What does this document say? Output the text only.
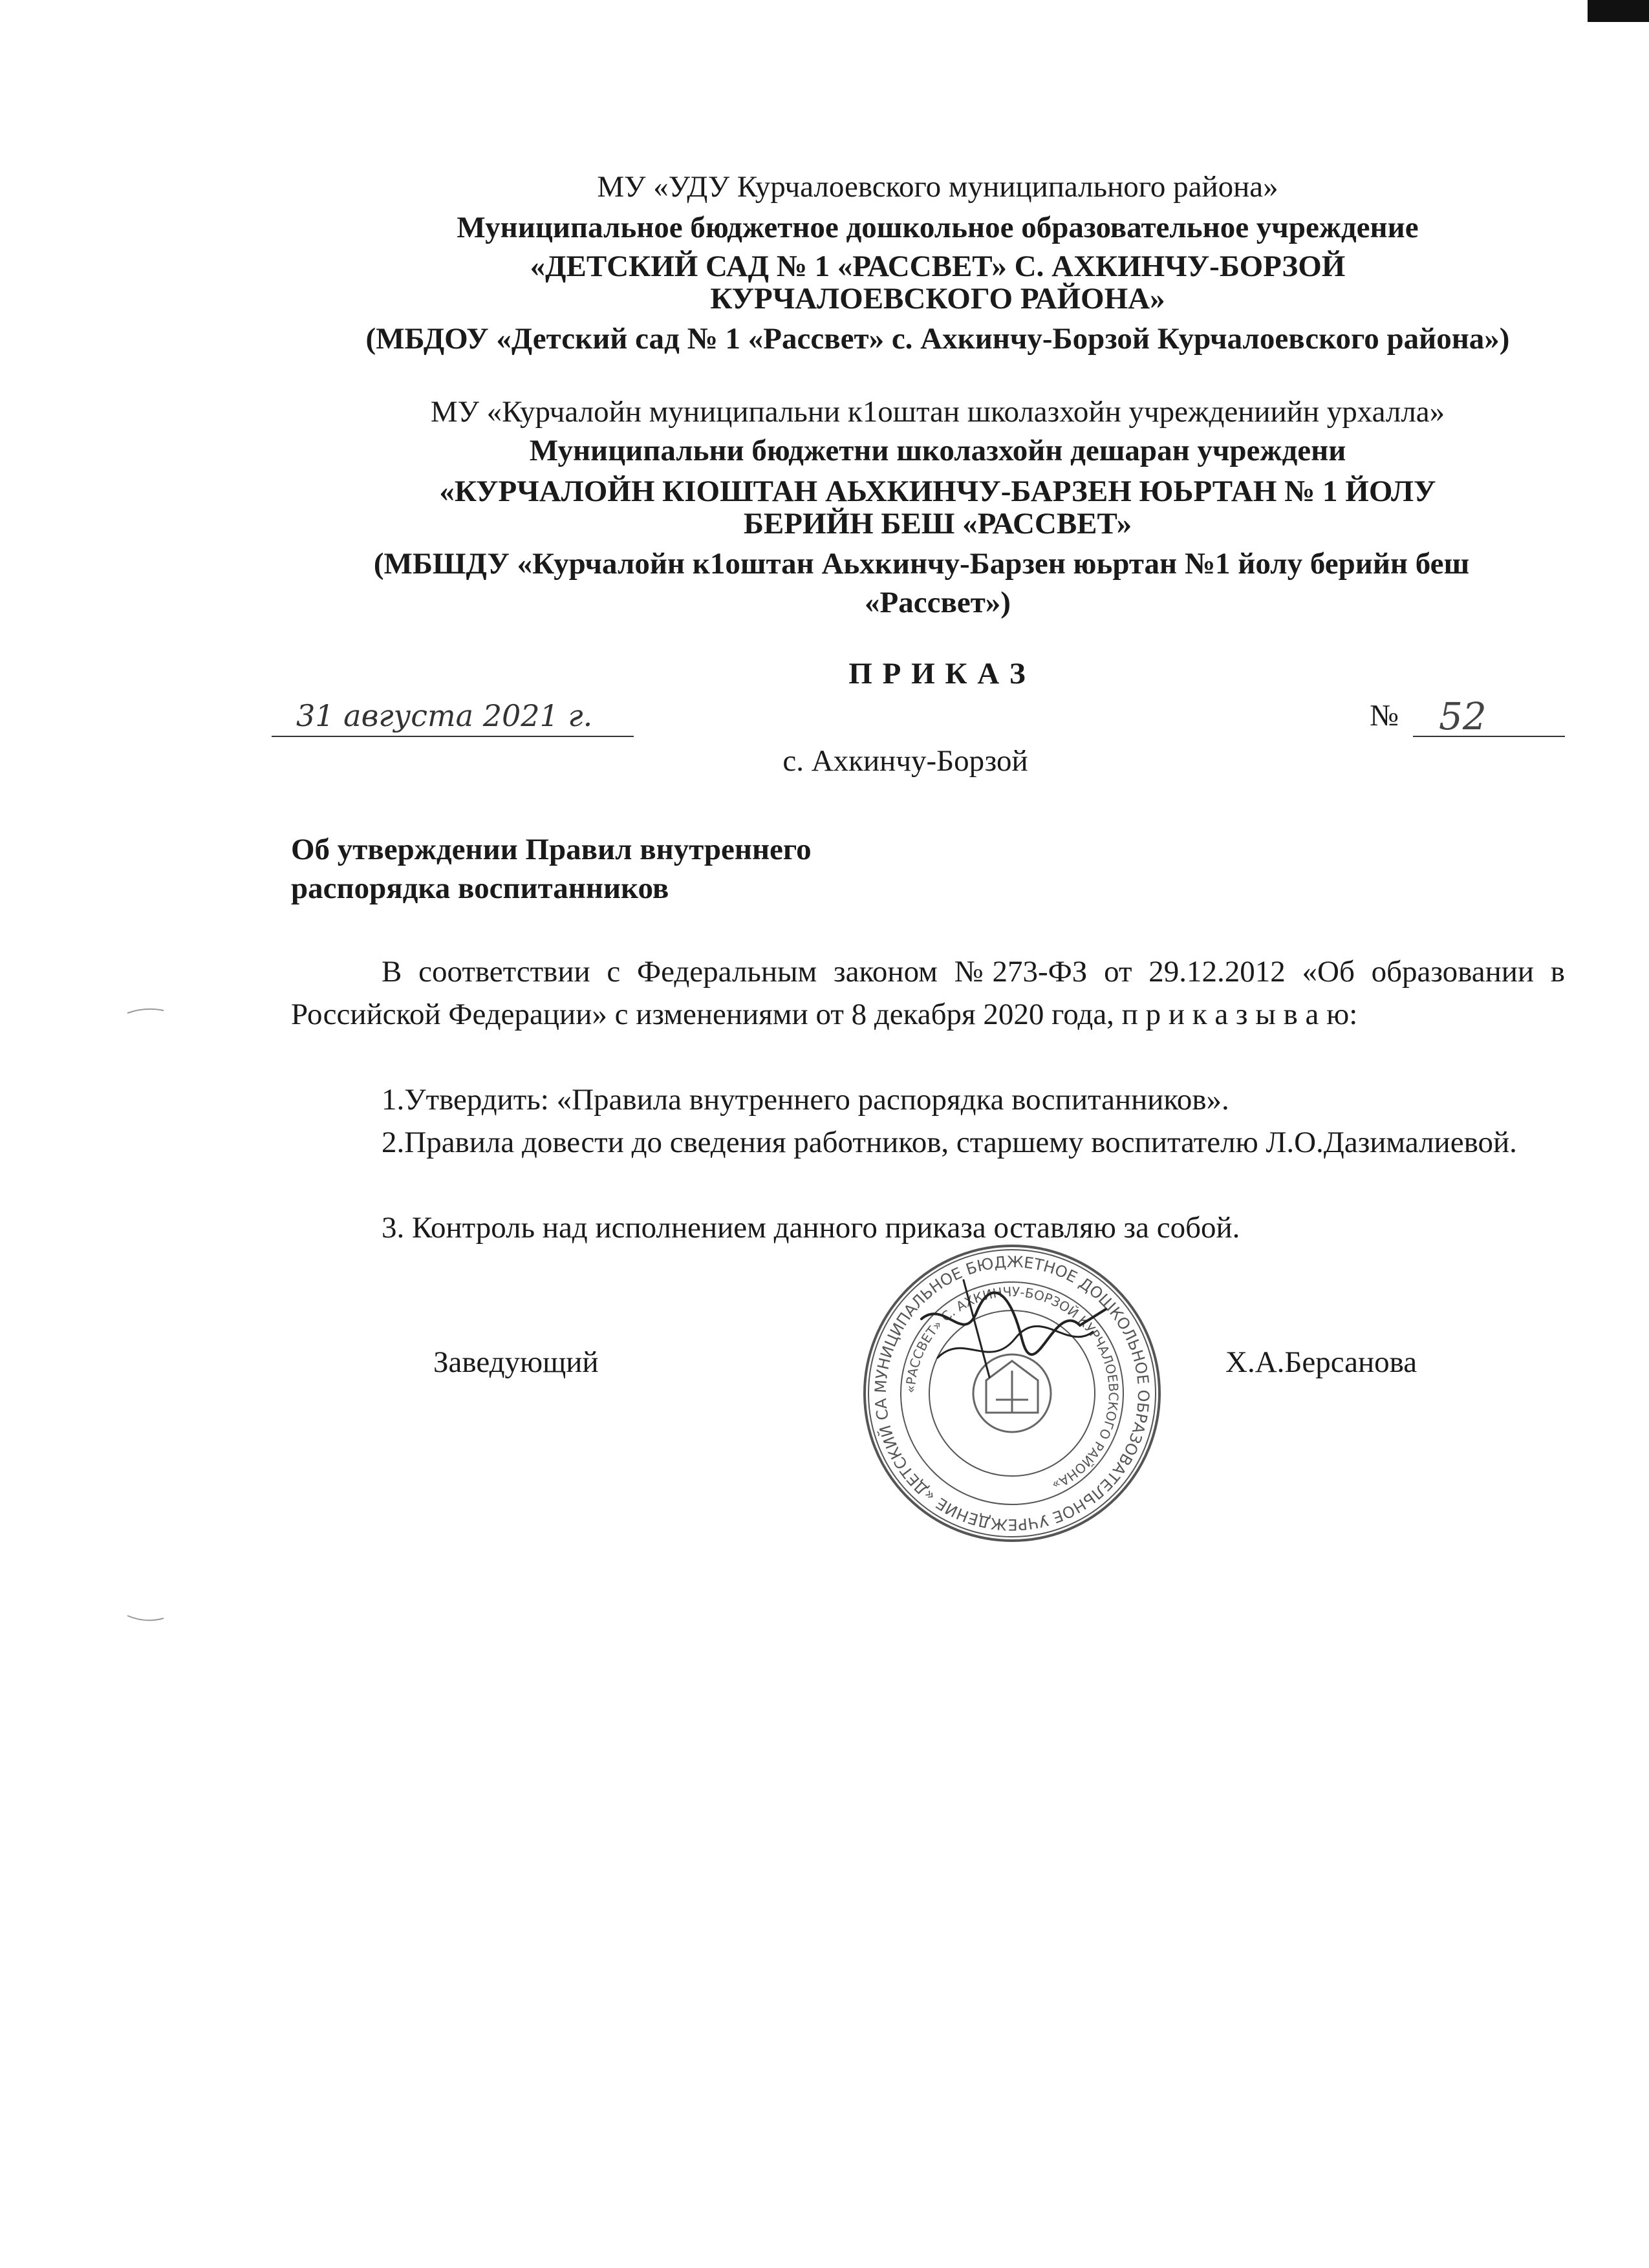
МУ «УДУ Курчалоевского муниципального района»
Муниципальное бюджетное дошкольное образовательное учреждение
«ДЕТСКИЙ САД № 1 «РАССВЕТ» С. АХКИНЧУ-БОРЗОЙ
КУРЧАЛОЕВСКОГО РАЙОНА»
(МБДОУ «Детский сад № 1 «Рассвет» с. Ахкинчу-Борзой Курчалоевского района»)
МУ «Курчалойн муниципальни к1оштан школазхойн учреждениийн урхалла»
Муниципальни бюджетни школазхойн дешаран учреждени
«КУРЧАЛОЙН КIОШТАН АЬХКИНЧУ-БАРЗЕН ЮЬРТАН № 1 ЙОЛУ
БЕРИЙН БЕШ «РАССВЕТ»
(МБШДУ «Курчалойн к1оштан Аьхкинчу-Барзен юьртан №1 йолу берийн беш
«Рассвет»)
П Р И К А З
31 августа 2021 г.	№ 52
с. Ахкинчу-Борзой
Об утверждении Правил внутреннего
распорядка воспитанников
В соответствии с Федеральным законом №273-ФЗ от 29.12.2012 «Об образовании в Российской Федерации» с изменениями от 8 декабря 2020 года, п р и к а з ы в а ю:
1.Утвердить: «Правила внутреннего распорядка воспитанников».
2.Правила довести до сведения работников, старшему воспитателю Л.О.Дазималиевой.
3. Контроль над исполнением данного приказа оставляю за собой.
Заведующий	Х.А.Берсанова
МУНИЦИПАЛЬНОЕ БЮДЖЕТНОЕ ДОШКОЛЬНОЕ ОБРАЗОВАТЕЛЬНОЕ УЧРЕЖДЕНИЕ «ДЕТСКИЙ СА
«РАССВЕТ» С. АХКИНЧУ-БОРЗОЙ КУРЧАЛОЕВСКОГО РАЙОНА»
